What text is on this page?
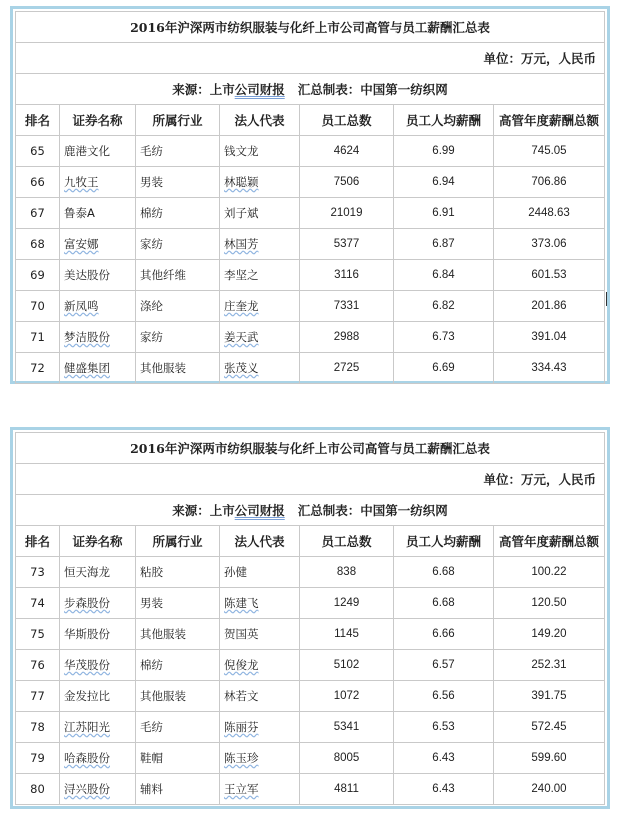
2016年沪深两市纺织服装与化纤上市公司高管与员工薪酬汇总表						
单位：万元，人民币						
来源：上市公司财报 汇总制表：中国第一纺织网						
排名	证券名称	所属行业	法人代表	员工总数	员工人均薪酬	高管年度薪酬总额
65	鹿港文化	毛纺	钱文龙	4624	6.99	745.05
66	九牧王	男装	林聪颖	7506	6.94	706.86
67	鲁泰A	棉纺	刘子斌	21019	6.91	2448.63
68	富安娜	家纺	林国芳	5377	6.87	373.06
69	美达股份	其他纤维	李坚之	3116	6.84	601.53
70	新凤鸣	涤纶	庄奎龙	7331	6.82	201.86
71	梦洁股份	家纺	姜天武	2988	6.73	391.04
72	健盛集团	其他服装	张茂义	2725	6.69	334.43
2016年沪深两市纺织服装与化纤上市公司高管与员工薪酬汇总表						
单位：万元，人民币						
来源：上市公司财报 汇总制表：中国第一纺织网						
排名	证券名称	所属行业	法人代表	员工总数	员工人均薪酬	高管年度薪酬总额
73	恒天海龙	粘胶	孙健	838	6.68	100.22
74	步森股份	男装	陈建飞	1249	6.68	120.50
75	华斯股份	其他服装	贺国英	1145	6.66	149.20
76	华茂股份	棉纺	倪俊龙	5102	6.57	252.31
77	金发拉比	其他服装	林若文	1072	6.56	391.75
78	江苏阳光	毛纺	陈丽芬	5341	6.53	572.45
79	哈森股份	鞋帽	陈玉珍	8005	6.43	599.60
80	浔兴股份	辅料	王立军	4811	6.43	240.00
